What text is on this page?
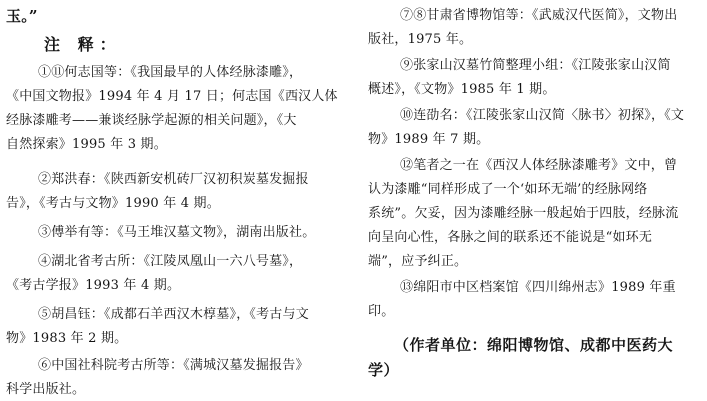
玉。”
注 释：
①⑪何志国等：《我国最早的人体经脉漆雕》，
《中国文物报》1994 年 4 月 17 日；何志国《西汉人体
经脉漆雕考——兼谈经脉学起源的相关问题》，《大
自然探索》1995 年 3 期。
②郑洪春：《陕西新安机砖厂汉初积炭墓发掘报
告》，《考古与文物》1990 年 4 期。
③傅举有等：《马王堆汉墓文物》，湖南出版社。
④湖北省考古所：《江陵凤凰山一六八号墓》，
《考古学报》1993 年 4 期。
⑤胡昌钰：《成都石羊西汉木椁墓》，《考古与文
物》1983 年 2 期。
⑥中国社科院考古所等：《满城汉墓发掘报告》
科学出版社。
⑦⑧甘肃省博物馆等：《武威汉代医简》，文物出
版社，1975 年。
⑨张家山汉墓竹简整理小组：《江陵张家山汉简
概述》，《文物》1985 年 1 期。
⑩连劭名：《江陵张家山汉简〈脉书〉初探》，《文
物》1989 年 7 期。
⑫笔者之一在《西汉人体经脉漆雕考》文中，曾
认为漆雕“同样形成了一个‘如环无端’的经脉网络
系统”。欠妥，因为漆雕经脉一般起始于四肢，经脉流
向呈向心性，各脉之间的联系还不能说是“如环无
端”，应予纠正。
⑬绵阳市中区档案馆《四川绵州志》1989 年重
印。
（作者单位：绵阳博物馆、成都中医药大
学）
